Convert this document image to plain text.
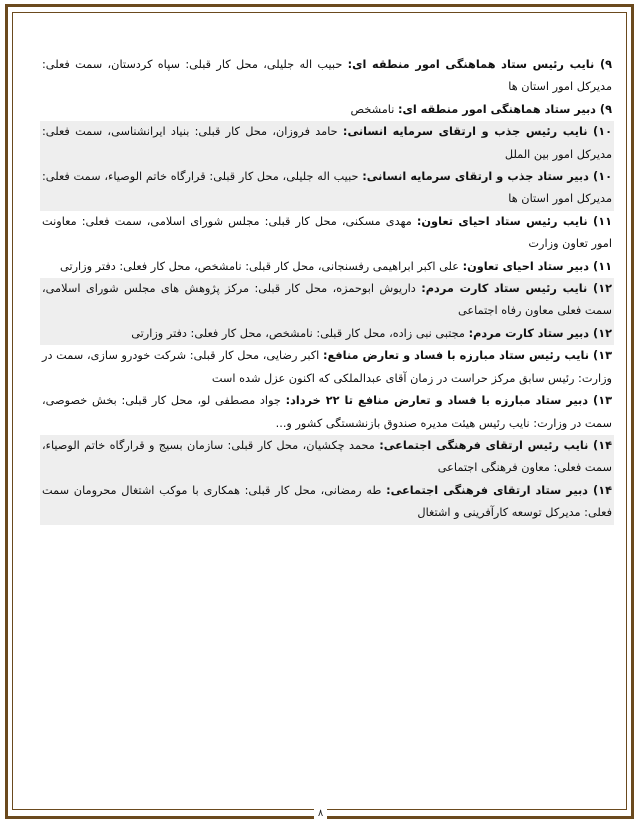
۹) نایب رئیس ستاد هماهنگی امور منطقه ای: حبیب اله جلیلی، محل کار قبلی: سپاه کردستان، سمت فعلی: مدیرکل امور استان ها
۹) دبیر ستاد هماهنگی امور منطقه ای: نامشخص
۱۰) نایب رئیس جذب و ارتقای سرمایه انسانی: حامد فروزان، محل کار قبلی: بنیاد ایرانشناسی، سمت فعلی: مدیرکل امور بین الملل
۱۰) دبیر ستاد جذب و ارتقای سرمایه انسانی: حبیب اله جلیلی، محل کار قبلی: قرارگاه خاتم الوصیاء، سمت فعلی: مدیرکل امور استان ها
۱۱) نایب رئیس ستاد احیای تعاون: مهدی مسکنی، محل کار قبلی: مجلس شورای اسلامی، سمت فعلی: معاونت امور تعاون وزارت
۱۱) دبیر ستاد احیای تعاون: علی اکبر ابراهیمی رفسنجانی، محل کار قبلی: نامشخص، محل کار فعلی: دفتر وزارتی
۱۲) نایب رئیس ستاد کارت مردم: داریوش ابوحمزه، محل کار قبلی: مرکز پژوهش های مجلس شورای اسلامی، سمت فعلی معاون رفاه اجتماعی
۱۲) دبیر ستاد کارت مردم: مجتبی نبی زاده، محل کار قبلی: نامشخص، محل کار فعلی: دفتر وزارتی
۱۳) نایب رئیس ستاد مبارزه با فساد و تعارض منافع: اکبر رضایی، محل کار قبلی: شرکت خودرو سازی، سمت در وزارت: رئیس سابق مرکز حراست در زمان آقای عبدالملکی که اکنون عزل شده است
۱۳) دبیر ستاد مبارزه با فساد و تعارض منافع تا ۲۲ خرداد: جواد مصطفی لو، محل کار قبلی: بخش خصوصی، سمت در وزارت: نایب رئیس هیئت مدیره صندوق بازنشستگی کشور و...
۱۴) نایب رئیس ارتقای فرهنگی اجتماعی: محمد چکشیان، محل کار قبلی: سازمان بسیج و قرارگاه خاتم الوصیاء، سمت فعلی: معاون فرهنگی اجتماعی
۱۴) دبیر ستاد ارتقای فرهنگی اجتماعی: طه رمضانی، محل کار قبلی: همکاری با موکب اشتغال محرومان سمت فعلی: مدیرکل توسعه کارآفرینی و اشتغال
۸
